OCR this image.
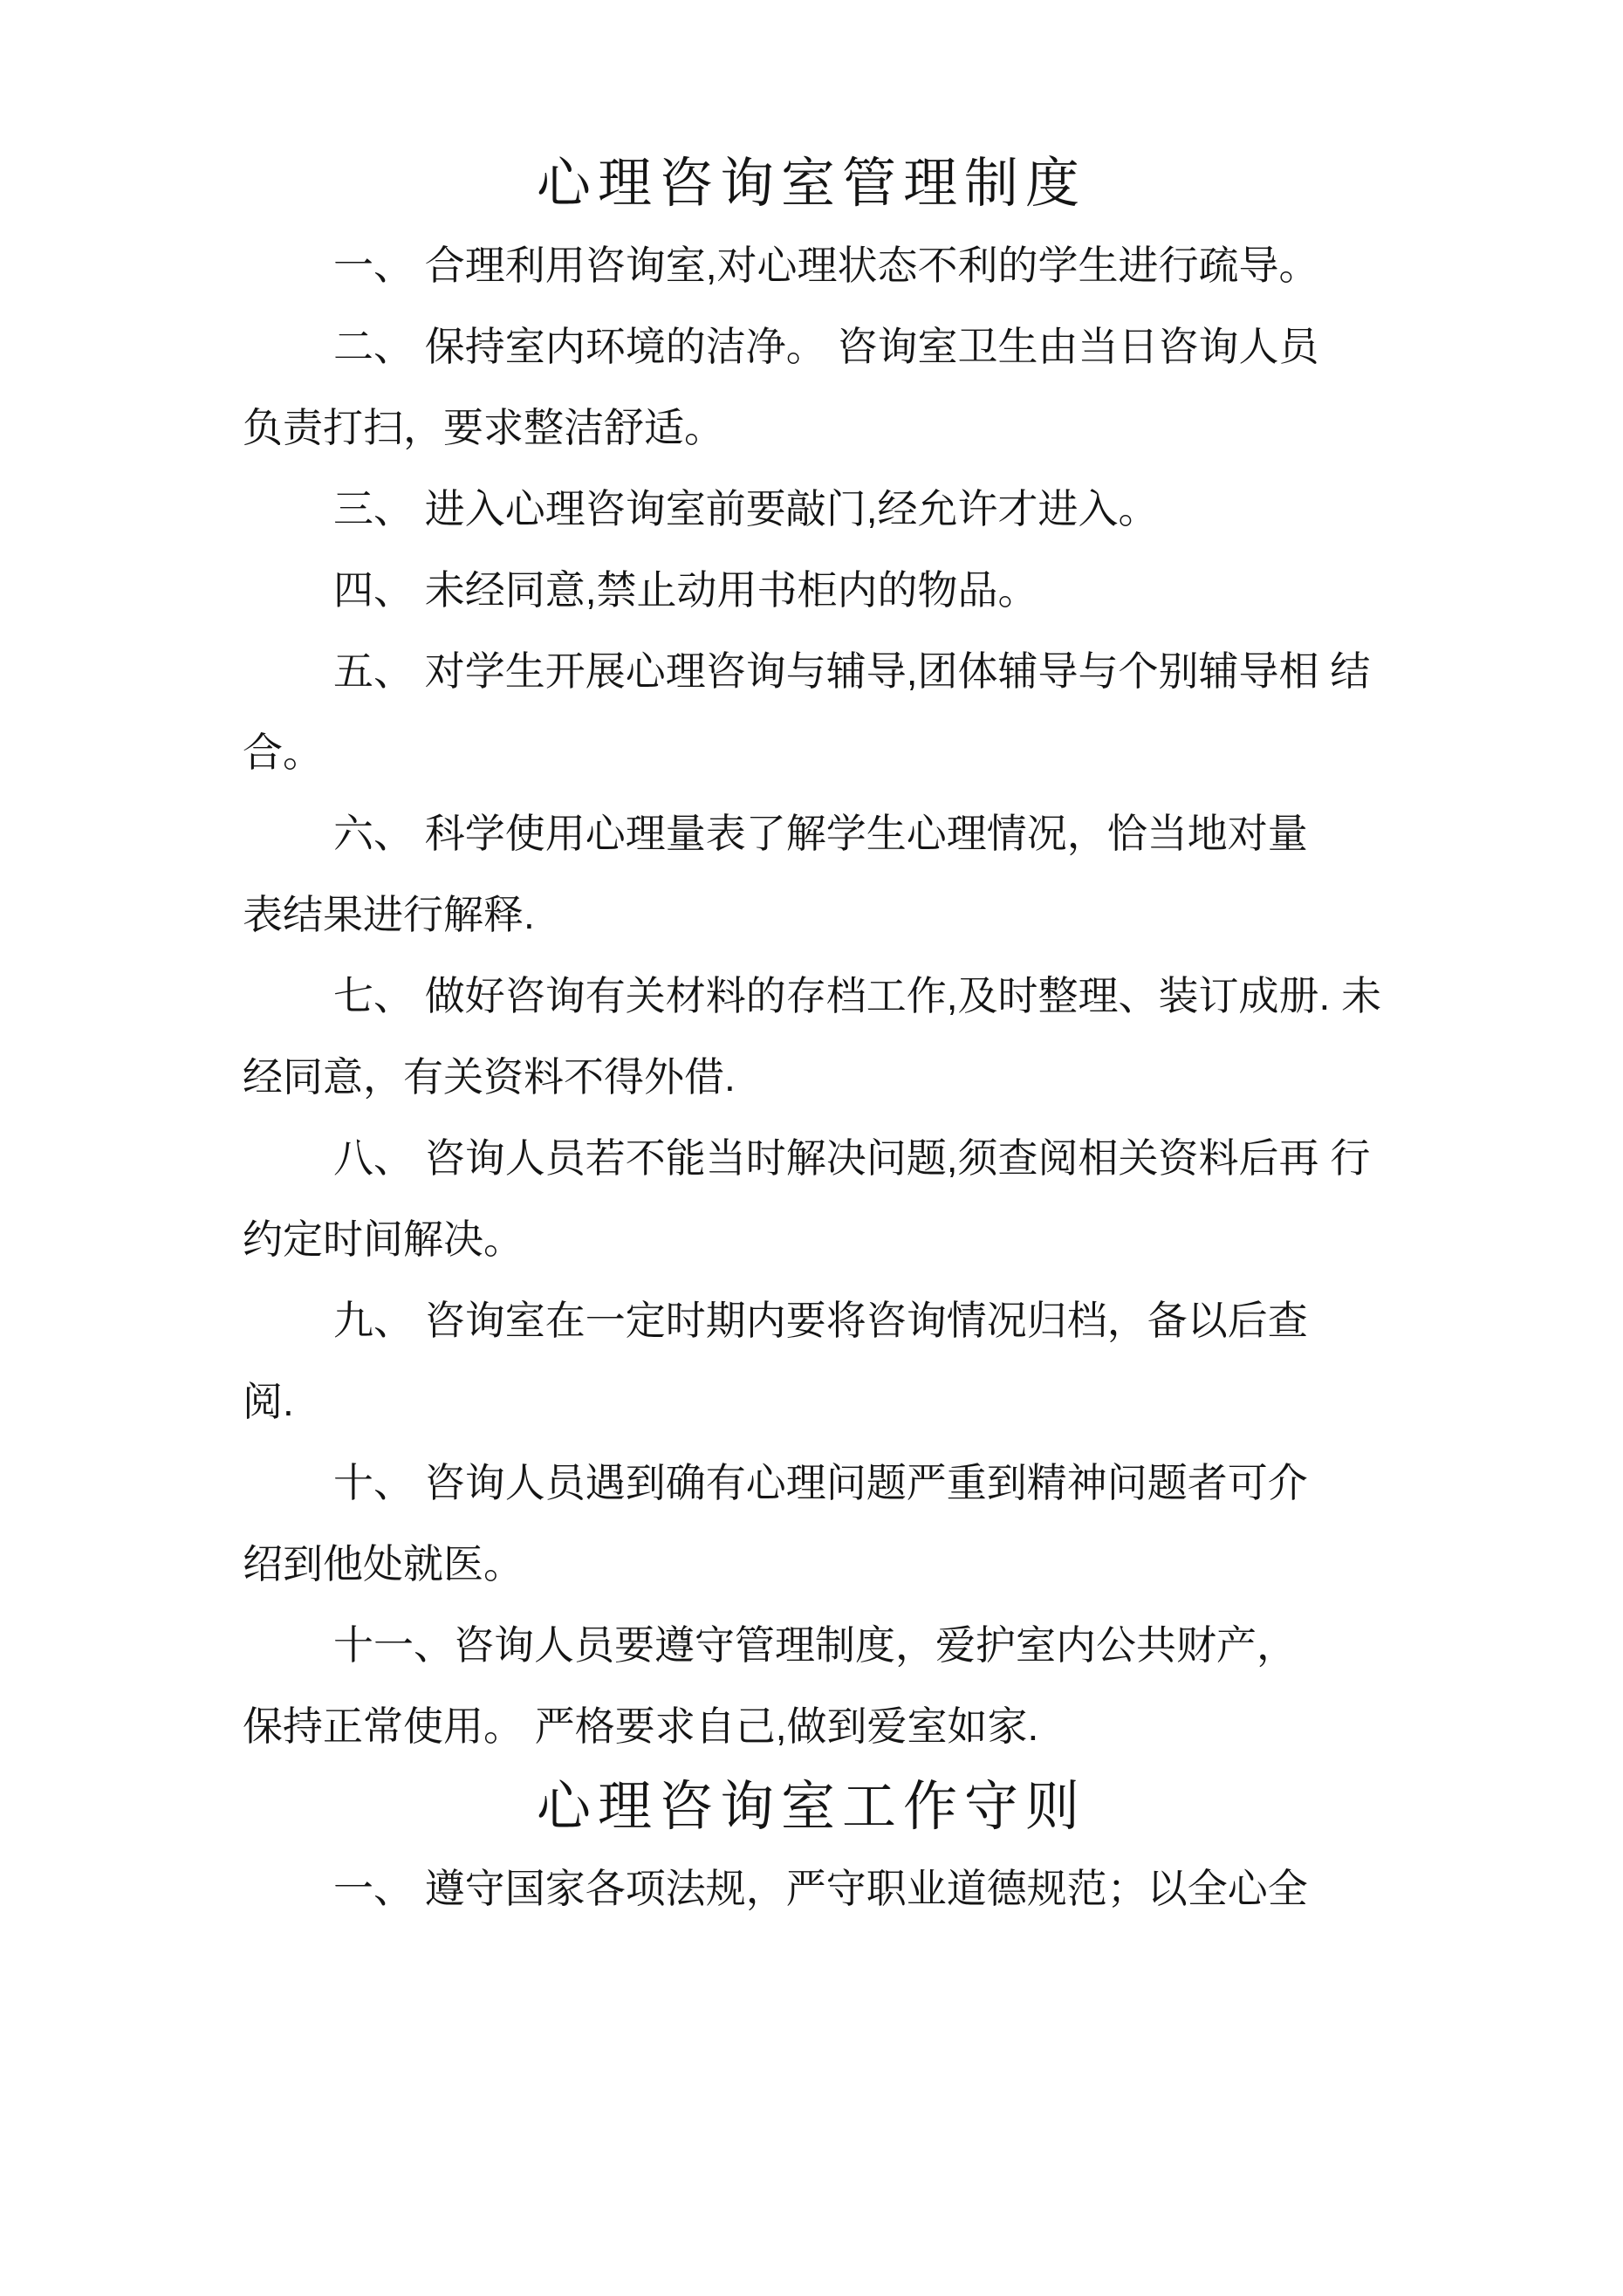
心理咨询室管理制度
一、 合理利用咨询室,对心理状态不利的学生进行疏导。
二、 保持室内环境的洁净。 咨询室卫生由当日咨询人员
负责打扫，要求整洁舒适。
三、 进入心理咨询室前要敲门,经允许才进入。
四、 未经同意,禁止动用书柜内的物品。
五、 对学生开展心理咨询与辅导,团体辅导与个别辅导相 结
合。
六、 科学使用心理量表了解学生心理情况，恰当地对量
表结果进行解释.
七、 做好咨询有关材料的存档工作,及时整理、装订成册. 未
经同意，有关资料不得外借.
八、 咨询人员若不能当时解决问题,须查阅相关资料后再 行
约定时间解决。
九、 咨询室在一定时期内要将咨询情况归档，备以后查
阅.
十、 咨询人员遇到确有心理问题严重到精神问题者可介
绍到他处就医。
十一、咨询人员要遵守管理制度，爱护室内公共财产，
保持正常使用。 严格要求自己,做到爱室如家.
心理咨询室工作守则
一、 遵守国家各项法规，严守职业道德规范；以全心全
